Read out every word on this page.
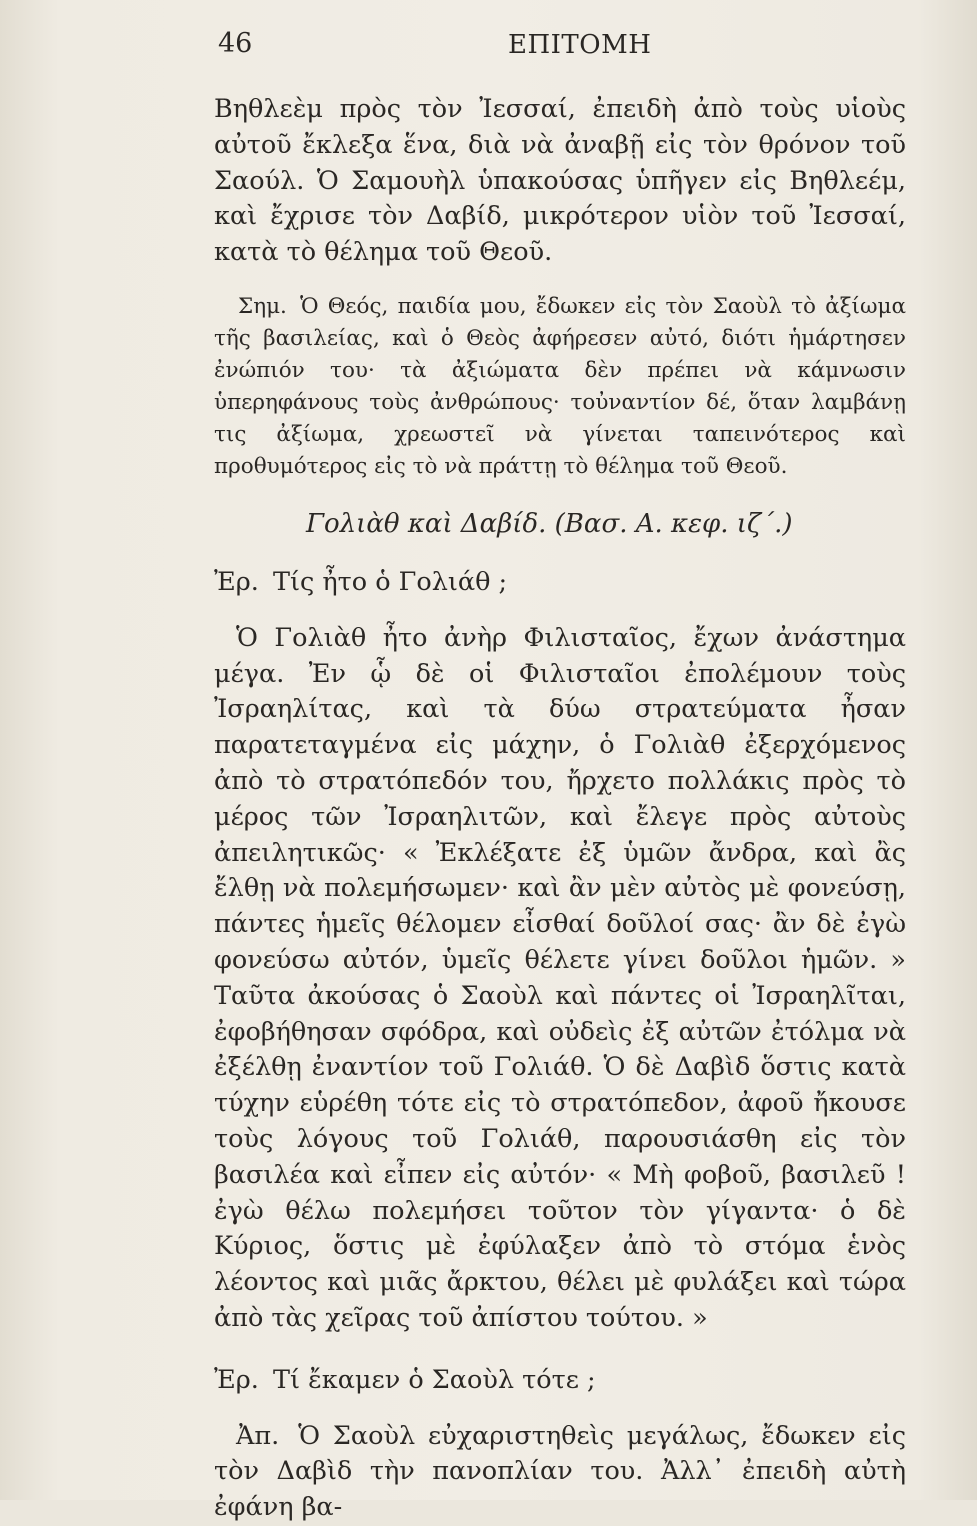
46	ΕΠΙΤΟΜΗ

Βηθλεὲμ πρὸς τὸν Ἰεσσαί, ἐπειδὴ ἀπὸ τοὺς υἱοὺς αὐτοῦ ἔκλεξα ἕνα, διὰ νὰ ἀναβῇ εἰς τὸν θρόνον τοῦ Σαούλ. Ὁ Σαμουὴλ ὑπακούσας ὑπῆγεν εἰς Βηθλεέμ, καὶ ἔχρισε τὸν Δαβίδ, μικρότερον υἱὸν τοῦ Ἰεσσαί, κατὰ τὸ θέλημα τοῦ Θεοῦ.

Σημ. Ὁ Θεός, παιδία μου, ἔδωκεν εἰς τὸν Σαοὺλ τὸ ἀξίωμα τῆς βασιλείας, καὶ ὁ Θεὸς ἀφήρεσεν αὐτό, διότι ἡμάρτησεν ἐνώπιόν του· τὰ ἀξιώματα δὲν πρέπει νὰ κάμνωσιν ὑπερηφάνους τοὺς ἀνθρώπους· τοὐναντίον δέ, ὅταν λαμβάνῃ τις ἀξίωμα, χρεωστεῖ νὰ γίνεται ταπεινότερος καὶ προθυμότερος εἰς τὸ νὰ πράττῃ τὸ θέλημα τοῦ Θεοῦ.

Γολιὰθ καὶ Δαβίδ. (Βασ. Α. κεφ. ιζ΄.)

Ἐρ. Τίς ἦτο ὁ Γολιάθ ;

Ὁ Γολιὰθ ἦτο ἀνὴρ Φιλισταῖος, ἔχων ἀνάστημα μέγα. Ἐν ᾧ δὲ οἱ Φιλισταῖοι ἐπολέμουν τοὺς Ἰσραηλίτας, καὶ τὰ δύω στρατεύματα ἦσαν παρατεταγμένα εἰς μάχην, ὁ Γολιὰθ ἐξερχόμενος ἀπὸ τὸ στρατόπεδόν του, ἤρχετο πολλάκις πρὸς τὸ μέρος τῶν Ἰσραηλιτῶν, καὶ ἔλεγε πρὸς αὐτοὺς ἀπειλητικῶς· « Ἐκλέξατε ἐξ ὑμῶν ἄνδρα, καὶ ἂς ἔλθῃ νὰ πολεμήσωμεν· καὶ ἂν μὲν αὐτὸς μὲ φονεύσῃ, πάντες ἡμεῖς θέλομεν εἶσθαί δοῦλοί σας· ἂν δὲ ἐγὼ φονεύσω αὐτόν, ὑμεῖς θέλετε γίνει δοῦλοι ἡμῶν. » Ταῦτα ἀκούσας ὁ Σαοὺλ καὶ πάντες οἱ Ἰσραηλῖται, ἐφοβήθησαν σφόδρα, καὶ οὐδεὶς ἐξ αὐτῶν ἐτόλμα νὰ ἐξέλθῃ ἐναντίον τοῦ Γολιάθ. Ὁ δὲ Δαβὶδ ὅστις κατὰ τύχην εὑρέθη τότε εἰς τὸ στρατόπεδον, ἀφοῦ ἤκουσε τοὺς λόγους τοῦ Γολιάθ, παρουσιάσθη εἰς τὸν βασιλέα καὶ εἶπεν εἰς αὐτόν· « Μὴ φοβοῦ, βασιλεῦ ! ἐγὼ θέλω πολεμήσει τοῦτον τὸν γίγαντα· ὁ δὲ Κύριος, ὅστις μὲ ἐφύλαξεν ἀπὸ τὸ στόμα ἑνὸς λέοντος καὶ μιᾶς ἄρκτου, θέλει μὲ φυλάξει καὶ τώρα ἀπὸ τὰς χεῖρας τοῦ ἀπίστου τούτου. »

Ἐρ. Τί ἔκαμεν ὁ Σαοὺλ τότε ;

Ἀπ. Ὁ Σαοὺλ εὐχαριστηθεὶς μεγάλως, ἔδωκεν εἰς τὸν Δαβὶδ τὴν πανοπλίαν του. Ἀλλ᾽ ἐπειδὴ αὐτὴ ἐφάνη βα-
